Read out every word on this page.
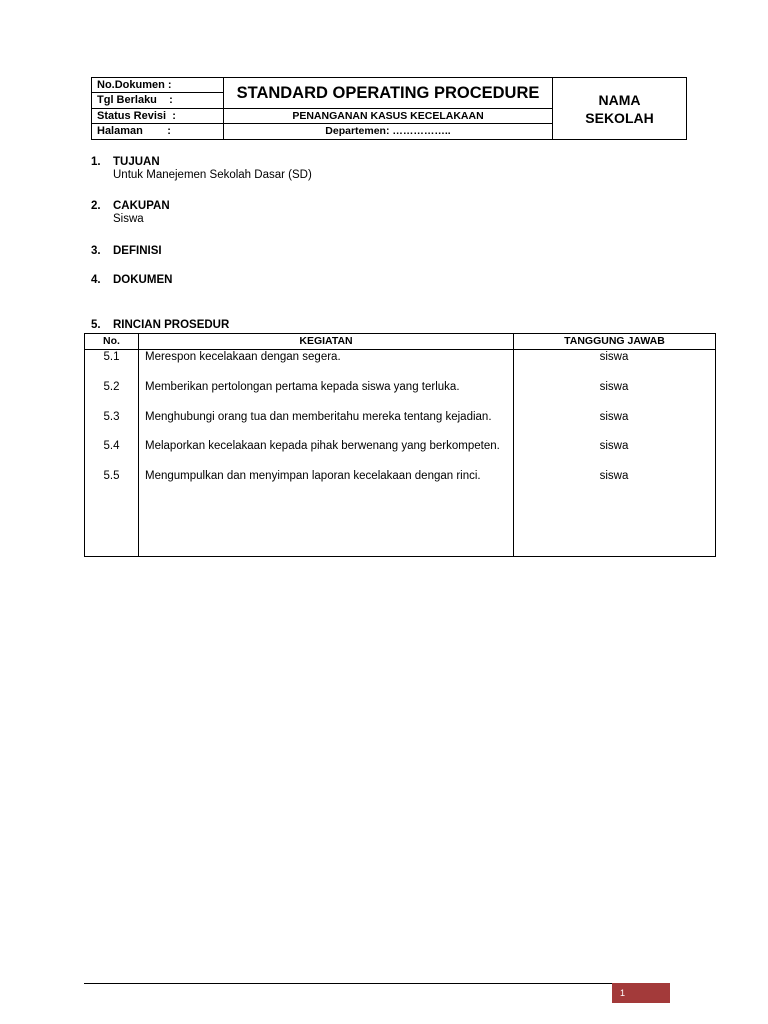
No.Dokumen :
Tgl Berlaku    :
Status Revisi  :
Halaman        :
STANDARD OPERATING PROCEDURE
PENANGANAN KASUS KECELAKAAN
Departemen: ……………..
NAMA
SEKOLAH
1. TUJUAN
Untuk Manejemen Sekolah Dasar (SD)
2. CAKUPAN
Siswa
3. DEFINISI
4. DOKUMEN
5. RINCIAN PROSEDUR
No.	KEGIATAN	TANGGUNG JAWAB
5.1	Merespon kecelakaan dengan segera.	siswa
5.2	Memberikan pertolongan pertama kepada siswa yang terluka.	siswa
5.3	Menghubungi orang tua dan memberitahu mereka tentang kejadian.	siswa
5.4	Melaporkan kecelakaan kepada pihak berwenang yang berkompeten.	siswa
5.5	Mengumpulkan dan menyimpan laporan kecelakaan dengan rinci.	siswa
1
